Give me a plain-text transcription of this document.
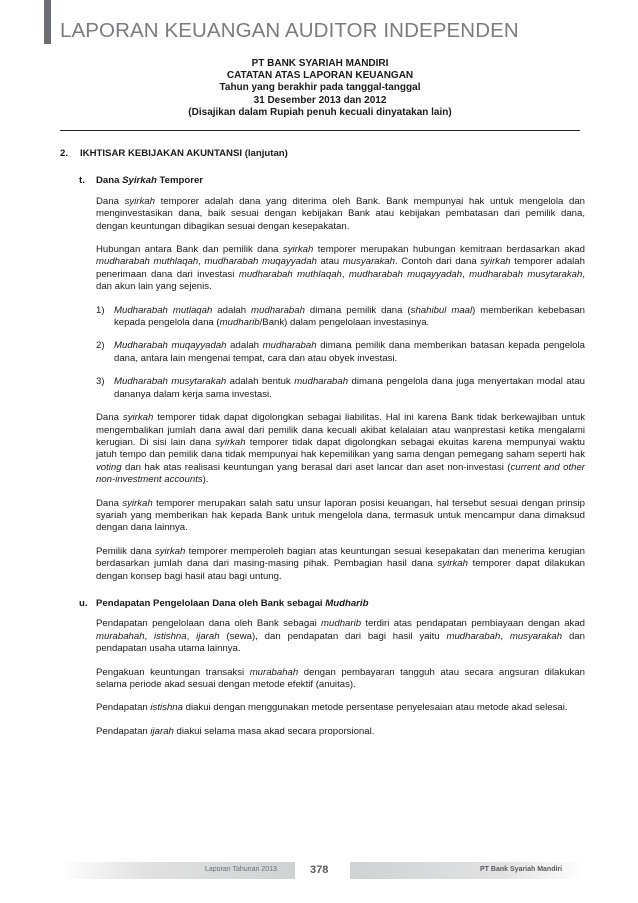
LAPORAN KEUANGAN AUDITOR INDEPENDEN
PT BANK SYARIAH MANDIRI
CATATAN ATAS LAPORAN KEUANGAN
Tahun yang berakhir pada tanggal-tanggal
31 Desember 2013 dan 2012
(Disajikan dalam Rupiah penuh kecuali dinyatakan lain)
2. IKHTISAR KEBIJAKAN AKUNTANSI (lanjutan)
t. Dana Syirkah Temporer
Dana syirkah temporer adalah dana yang diterima oleh Bank. Bank mempunyai hak untuk mengelola dan menginvestasikan dana, baik sesuai dengan kebijakan Bank atau kebijakan pembatasan dari pemilik dana, dengan keuntungan dibagikan sesuai dengan kesepakatan.
Hubungan antara Bank dan pemilik dana syirkah temporer merupakan hubungan kemitraan berdasarkan akad mudharabah muthlaqah, mudharabah muqayyadah atau musyarakah. Contoh dari dana syirkah temporer adalah penerimaan dana dari investasi mudharabah muthlaqah, mudharabah muqayyadah, mudharabah musytarakah, dan akun lain yang sejenis.
1) Mudharabah mutlaqah adalah mudharabah dimana pemilik dana (shahibul maal) memberikan kebebasan kepada pengelola dana (mudharib/Bank) dalam pengelolaan investasinya.
2) Mudharabah muqayyadah adalah mudharabah dimana pemilik dana memberikan batasan kepada pengelola dana, antara lain mengenai tempat, cara dan atau obyek investasi.
3) Mudharabah musytarakah adalah bentuk mudharabah dimana pengelola dana juga menyertakan modal atau dananya dalam kerja sama investasi.
Dana syirkah temporer tidak dapat digolongkan sebagai liabilitas. Hal ini karena Bank tidak berkewajiban untuk mengembalikan jumlah dana awal dari pemilik dana kecuali akibat kelalaian atau wanprestasi ketika mengalami kerugian. Di sisi lain dana syirkah temporer tidak dapat digolongkan sebagai ekuitas karena mempunyai waktu jatuh tempo dan pemilik dana tidak mempunyai hak kepemilikan yang sama dengan pemegang saham seperti hak voting dan hak atas realisasi keuntungan yang berasal dari aset lancar dan aset non-investasi (current and other non-investment accounts).
Dana syirkah temporer merupakan salah satu unsur laporan posisi keuangan, hal tersebut sesuai dengan prinsip syariah yang memberikan hak kepada Bank untuk mengelola dana, termasuk untuk mencampur dana dimaksud dengan dana lainnya.
Pemilik dana syirkah temporer memperoleh bagian atas keuntungan sesuai kesepakatan dan menerima kerugian berdasarkan jumlah dana dari masing-masing pihak. Pembagian hasil dana syirkah temporer dapat dilakukan dengan konsep bagi hasil atau bagi untung.
u. Pendapatan Pengelolaan Dana oleh Bank sebagai Mudharib
Pendapatan pengelolaan dana oleh Bank sebagai mudharib terdiri atas pendapatan pembiayaan dengan akad murabahah, istishna, ijarah (sewa), dan pendapatan dari bagi hasil yaitu mudharabah, musyarakah dan pendapatan usaha utama lainnya.
Pengakuan keuntungan transaksi murabahah dengan pembayaran tangguh atau secara angsuran dilakukan selama periode akad sesuai dengan metode efektif (anuitas).
Pendapatan istishna diakui dengan menggunakan metode persentase penyelesaian atau metode akad selesai.
Pendapatan ijarah diakui selama masa akad secara proporsional.
Laporan Tahunan 2013	378	PT Bank Syariah Mandiri
